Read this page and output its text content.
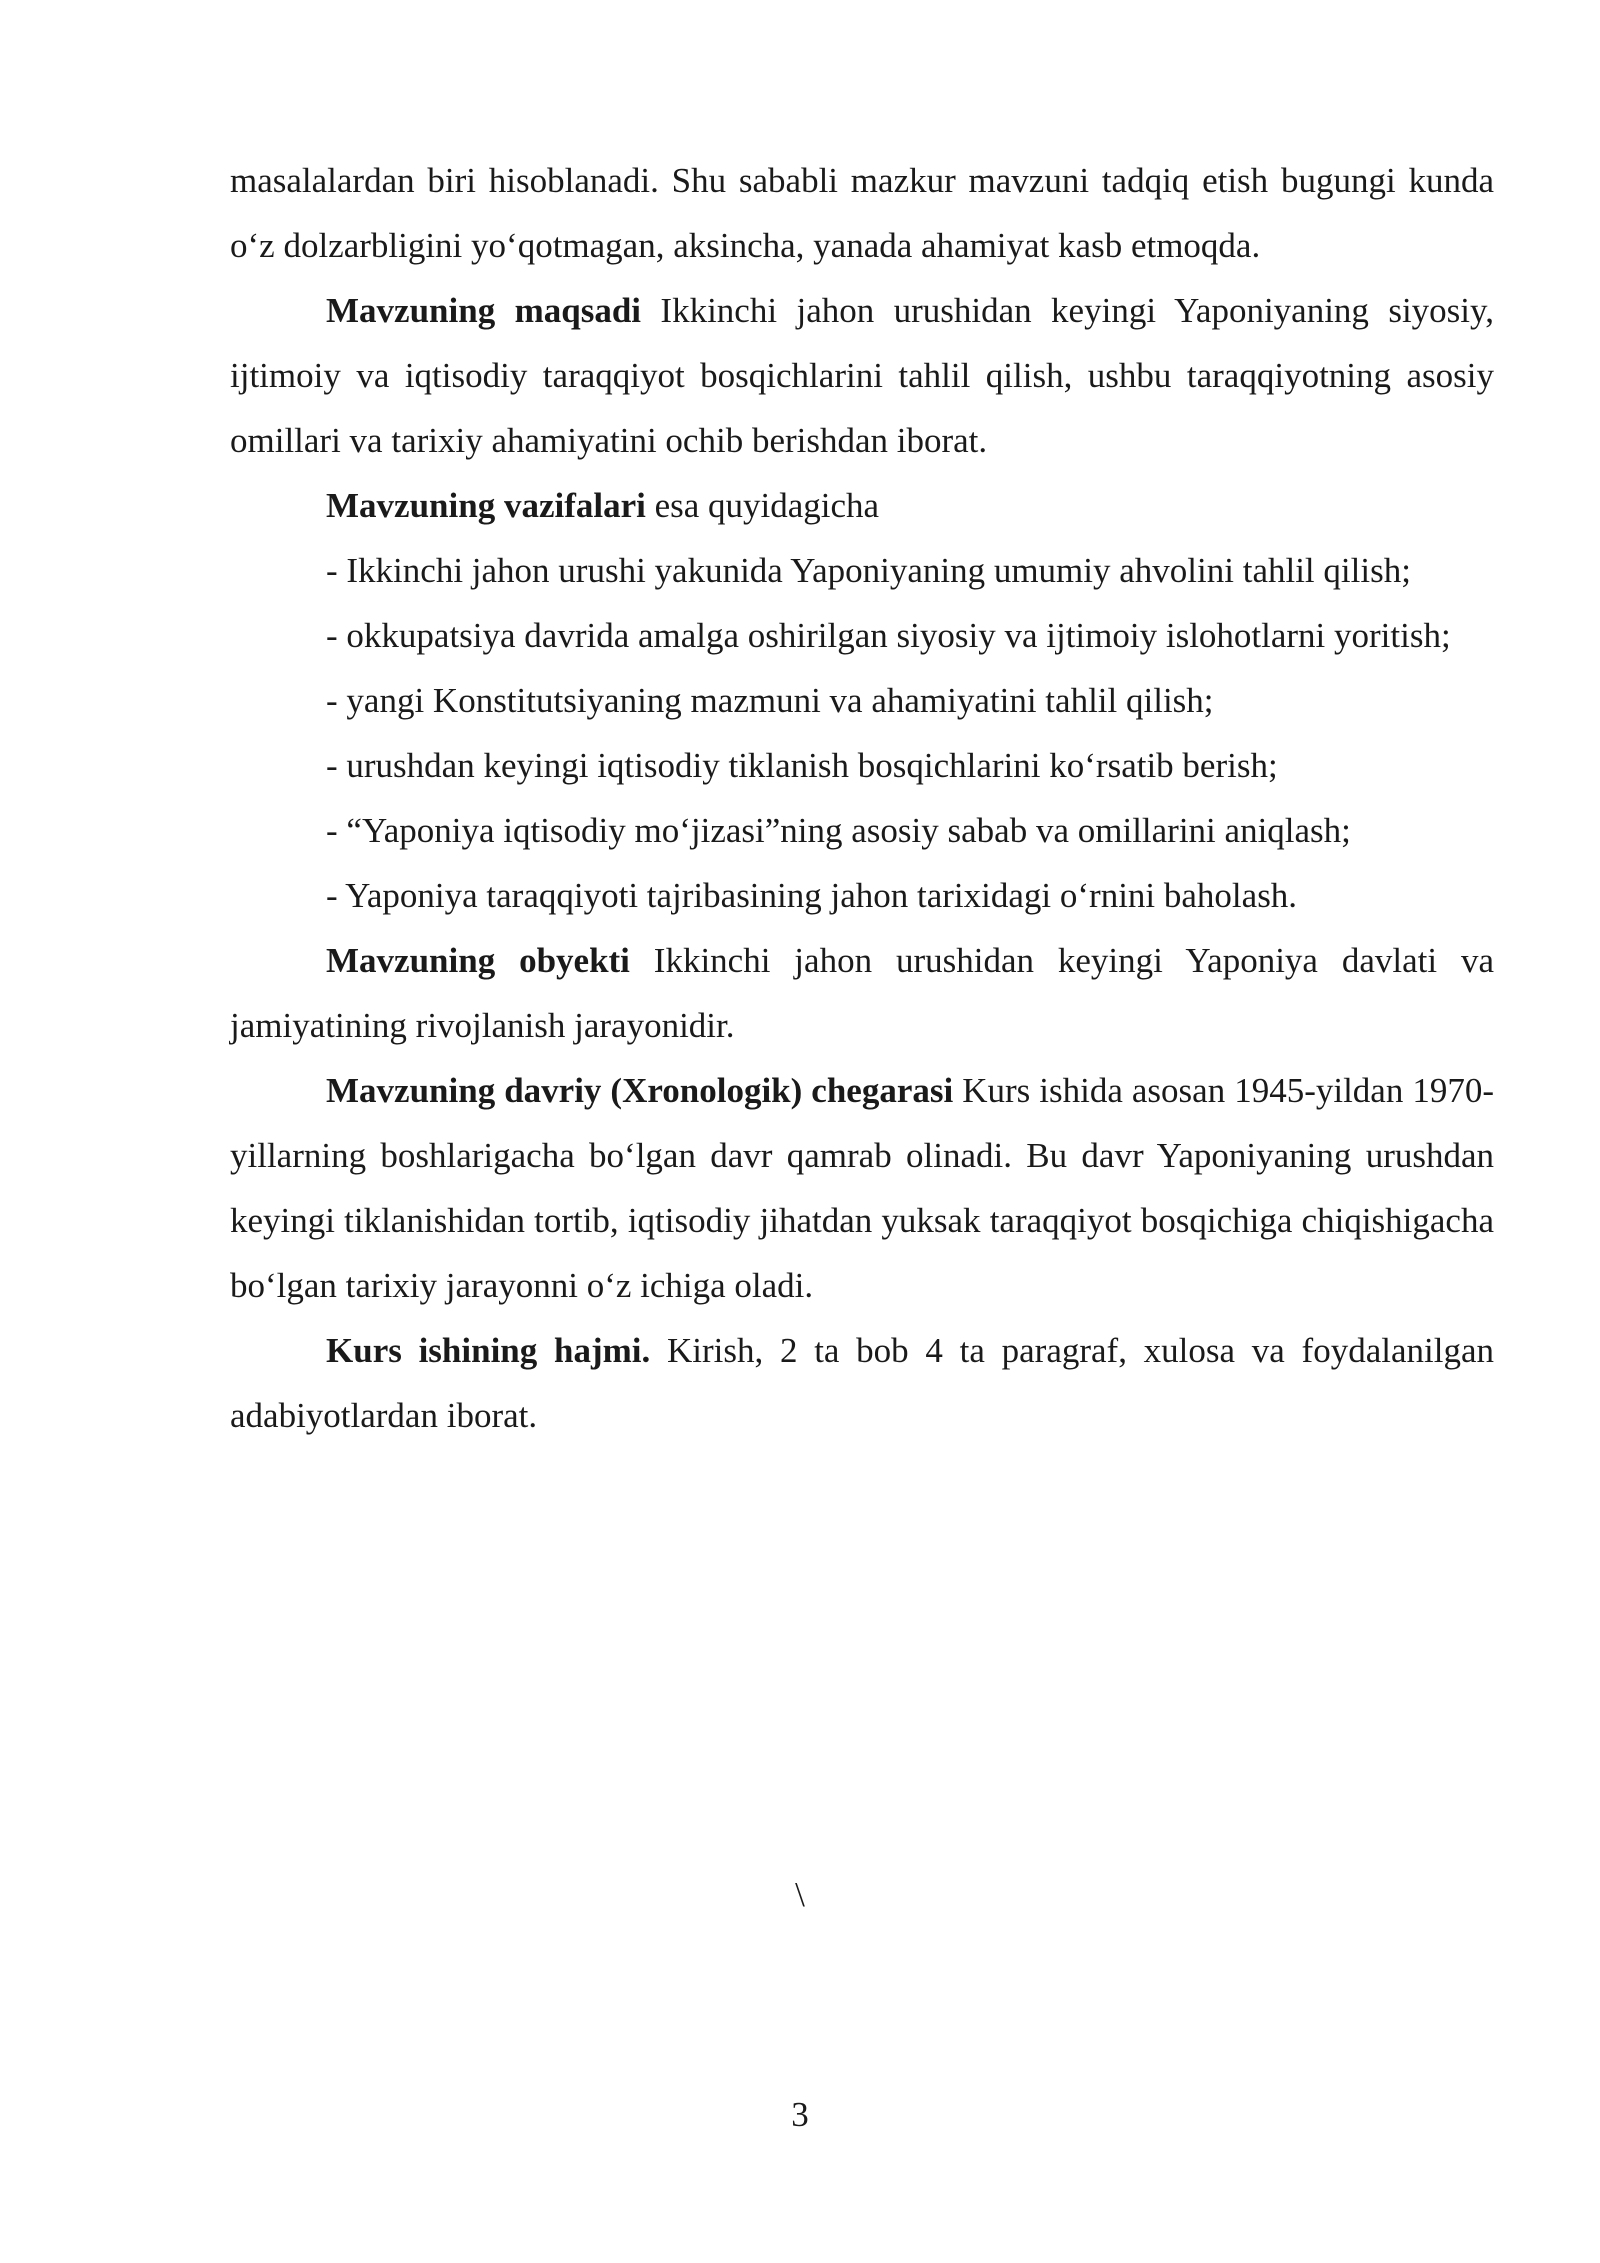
masalalardan biri hisoblanadi. Shu sababli mazkur mavzuni tadqiq etish bugungi kunda o‘z dolzarbligini yo‘qotmagan, aksincha, yanada ahamiyat kasb etmoqda.

Mavzuning maqsadi Ikkinchi jahon urushidan keyingi Yaponiyaning siyosiy, ijtimoiy va iqtisodiy taraqqiyot bosqichlarini tahlil qilish, ushbu taraqqiyotning asosiy omillari va tarixiy ahamiyatini ochib berishdan iborat.

Mavzuning vazifalari esa quyidagicha

- Ikkinchi jahon urushi yakunida Yaponiyaning umumiy ahvolini tahlil qilish;

- okkupatsiya davrida amalga oshirilgan siyosiy va ijtimoiy islohotlarni yoritish;

- yangi Konstitutsiyaning mazmuni va ahamiyatini tahlil qilish;

- urushdan keyingi iqtisodiy tiklanish bosqichlarini ko‘rsatib berish;

- “Yaponiya iqtisodiy mo‘jizasi”ning asosiy sabab va omillarini aniqlash;

- Yaponiya taraqqiyoti tajribasining jahon tarixidagi o‘rnini baholash.

Mavzuning obyekti Ikkinchi jahon urushidan keyingi Yaponiya davlati va jamiyatining rivojlanish jarayonidir.

Mavzuning davriy (Xronologik) chegarasi Kurs ishida asosan 1945-yildan 1970-yillarning boshlarigacha bo‘lgan davr qamrab olinadi. Bu davr Yaponiyaning urushdan keyingi tiklanishidan tortib, iqtisodiy jihatdan yuksak taraqqiyot bosqichiga chiqishigacha bo‘lgan tarixiy jarayonni o‘z ichiga oladi.

Kurs ishining hajmi. Kirish, 2 ta bob 4 ta paragraf, xulosa va foydalanilgan adabiyotlardan iborat.

\
3
